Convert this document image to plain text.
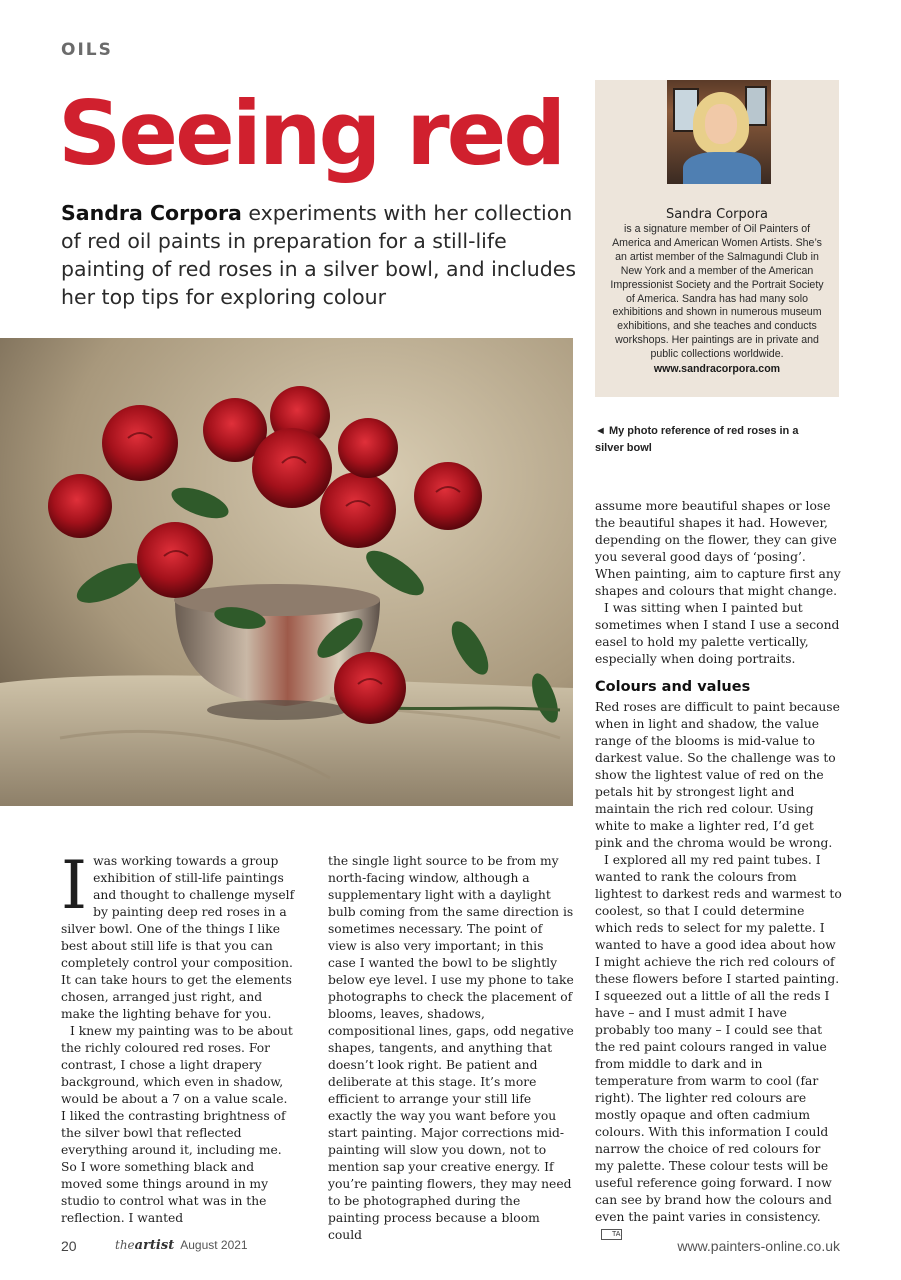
OILS
Seeing red
Sandra Corpora experiments with her collection of red oil paints in preparation for a still-life painting of red roses in a silver bowl, and includes her top tips for exploring colour
Sandra Corpora
is a signature member of Oil Painters of America and American Women Artists. She’s an artist member of the Salmagundi Club in New York and a member of the American Impressionist Society and the Portrait Society of America. Sandra has had many solo exhibitions and shown in numerous museum exhibitions, and she teaches and conducts workshops. Her paintings are in private and public collections worldwide.
www.sandracorpora.com
◄ My photo reference of red roses in a silver bowl
I was working towards a group exhibition of still-life paintings and thought to challenge myself by painting deep red roses in a silver bowl. One of the things I like best about still life is that you can completely control your composition. It can take hours to get the elements chosen, arranged just right, and make the lighting behave for you.

I knew my painting was to be about the richly coloured red roses. For contrast, I chose a light drapery background, which even in shadow, would be about a 7 on a value scale. I liked the contrasting brightness of the silver bowl that reflected everything around it, including me. So I wore something black and moved some things around in my studio to control what was in the reflection. I wanted

the single light source to be from my north-facing window, although a supplementary light with a daylight bulb coming from the same direction is sometimes necessary. The point of view is also very important; in this case I wanted the bowl to be slightly below eye level. I use my phone to take photographs to check the placement of blooms, leaves, shadows, compositional lines, gaps, odd negative shapes, tangents, and anything that doesn’t look right. Be patient and deliberate at this stage. It’s more efficient to arrange your still life exactly the way you want before you start painting. Major corrections mid-painting will slow you down, not to mention sap your creative energy. If you’re painting flowers, they may need to be photographed during the painting process because a bloom could

assume more beautiful shapes or lose the beautiful shapes it had. However, depending on the flower, they can give you several good days of ‘posing’. When painting, aim to capture first any shapes and colours that might change.

I was sitting when I painted but sometimes when I stand I use a second easel to hold my palette vertically, especially when doing portraits.

Colours and values

Red roses are difficult to paint because when in light and shadow, the value range of the blooms is mid-value to darkest value. So the challenge was to show the lightest value of red on the petals hit by strongest light and maintain the rich red colour. Using white to make a lighter red, I’d get pink and the chroma would be wrong.

I explored all my red paint tubes. I wanted to rank the colours from lightest to darkest reds and warmest to coolest, so that I could determine which reds to select for my palette. I wanted to have a good idea about how I might achieve the rich red colours of these flowers before I started painting. I squeezed out a little of all the reds I have – and I must admit I have probably too many – I could see that the red paint colours ranged in value from middle to dark and in temperature from warm to cool (far right). The lighter red colours are mostly opaque and often cadmium colours. With this information I could narrow the choice of red colours for my palette. These colour tests will be useful reference going forward. I now can see by brand how the colours and even the paint varies in consistency.TA

20	theartist August 2021	www.painters-online.co.uk
